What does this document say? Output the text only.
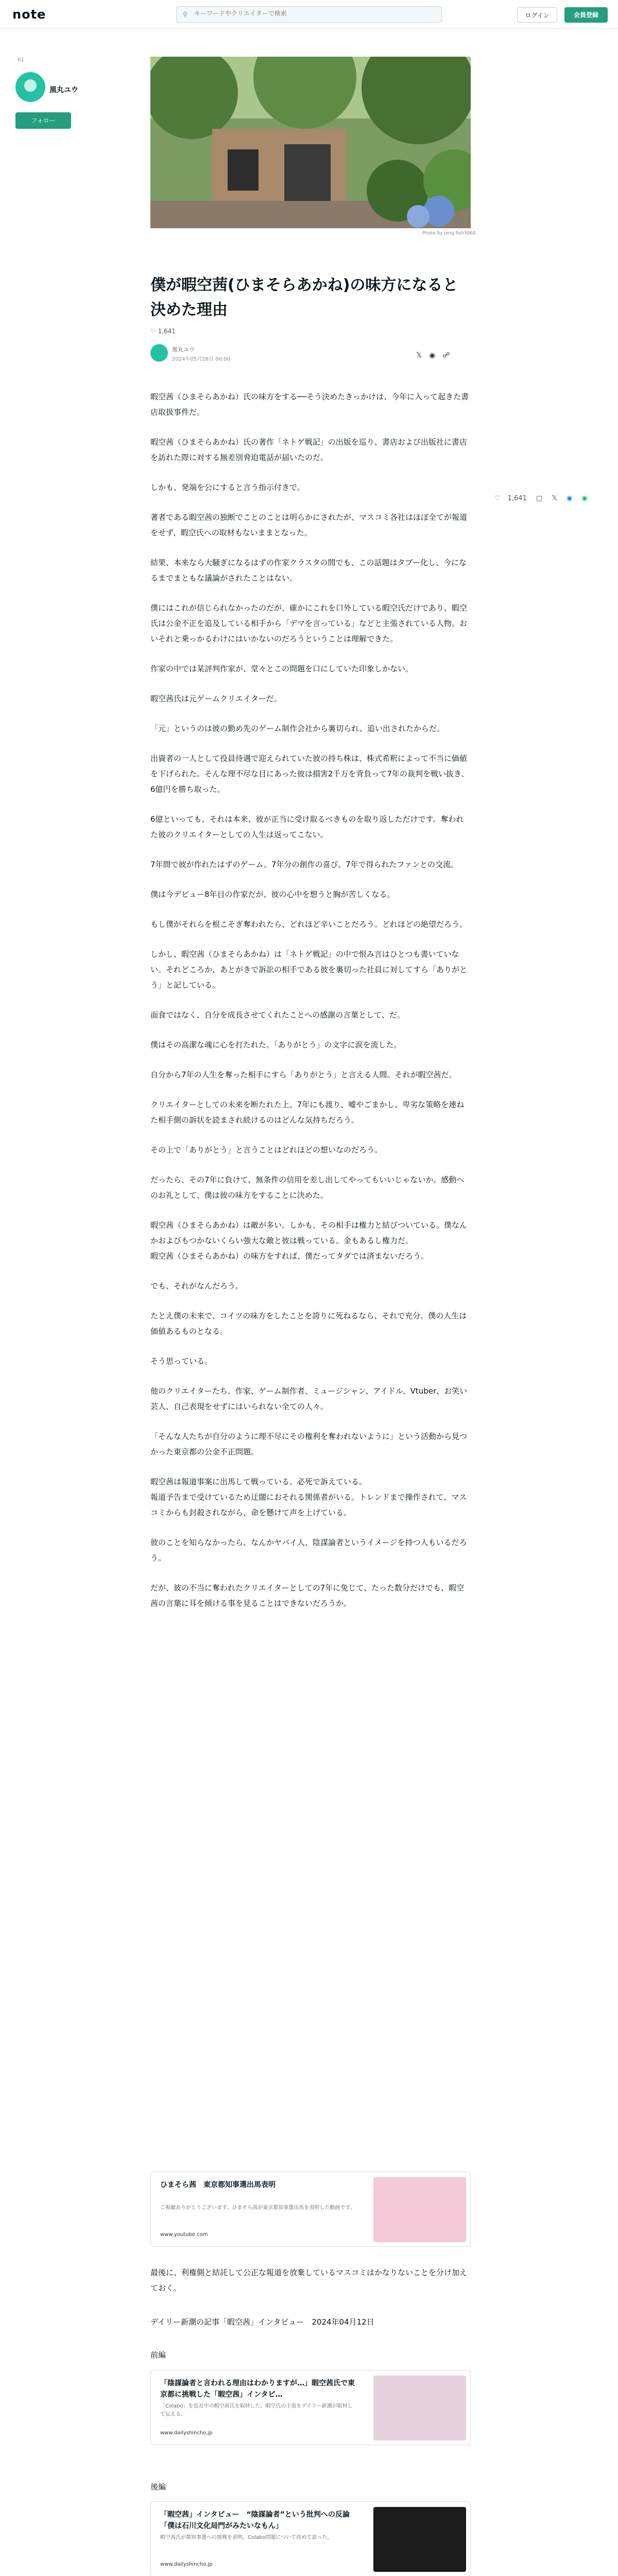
note	⚲
キーワードやクリエイターで検索	ログイン	会員登録
61
黒丸ユウ
フォロー
Photo by jeng fish3968
僕が暇空茜(ひまそらあかね)の味方になると決めた理由
♡ 1,641
黒丸ユウ
2024年05月28日 00:00	𝕏◉☍
♡ 1,641 □ 𝕏 ◉ ◉

暇空茜（ひまそらあかね）氏の味方をする──そう決めたきっかけは、今年に入って起きた書店取扱事件だ。

暇空茜（ひまそらあかね）氏の著作「ネトゲ戦記」の出版を巡り、書店および出版社に書店を訪れた際に対する無差別脅迫電話が届いたのだ。

しかも、発端を公にすると言う指示付きで。

著者である暇空茜の独断でことのことは明らかにされたが、マスコミ各社はほぼ全てが報道をせず、暇空氏への取材もないままとなった。

結果、本来なら大騒ぎになるはずの作家クラスタの間でも、この話題はタブー化し、今になるまでまともな議論がされたことはない。

僕にはこれが信じられなかったのだが、確かにこれを口外している暇空氏だけであり、暇空氏は公金不正を追及している相手から「デマを言っている」などと主張されている人物。おいそれと乗っかるわけにはいかないのだろうということは理解できた。

作家の中では某評判作家が、堂々とこの問題を口にしていた印象しかない。

暇空茜氏は元ゲームクリエイターだ。

「元」というのは彼の勤め先のゲーム制作会社から裏切られ、追い出されたからだ。

出資者の一人として役員待遇で迎えられていた彼の持ち株は、株式希釈によって不当に価値を下げられた。そんな理不尽な目にあった彼は損害2千万を背負って7年の裁判を戦い抜き、6億円を勝ち取った。

6億といっても、それは本来、彼が正当に受け取るべきものを取り返しただけです。奪われた彼のクリエイターとしての人生は返ってこない。

7年間で彼が作れたはずのゲーム。7年分の創作の喜び。7年で得られたファンとの交流。

僕は今デビュー8年目の作家だが、彼の心中を想うと胸が苦しくなる。

もし僕がそれらを根こそぎ奪われたら、どれほど辛いことだろう。どれほどの絶望だろう。

しかし、暇空茜（ひまそらあかね）は「ネトゲ戦記」の中で恨み言はひとつも書いていない。それどころか、あとがきで訴訟の相手である彼を裏切った社員に対してすら「ありがとう」と記している。

面食ではなく、自分を成長させてくれたことへの感謝の言葉として、だ。

僕はその高潔な魂に心を打たれた。「ありがとう」の文字に涙を流した。

自分から7年の人生を奪った相手にすら「ありがとう」と言える人間。それが暇空茜だ。

クリエイターとしての未来を断たれた上、7年にも渡り、嘘やごまかし、卑劣な策略を連ねた相手側の訴状を読まされ続けるのはどんな気持ちだろう。

その上で「ありがとう」と言うことはどれほどの想いなのだろう。

だったら、その7年に負けて、無条件の信用を差し出してやってもいいじゃないか。感動へのお礼として、僕は彼の味方をすることに決めた。

暇空茜（ひまそらあかね）は敵が多い。しかも、その相手は権力と結びついている。僕なんかおよびもつかないくらい強大な敵と彼は戦っている。金もあるし権力だ。
暇空茜（ひまそらあかね）の味方をすれば、僕だってタダでは済まないだろう。

でも、それがなんだろう。

たとえ僕の未来で、コイツの味方をしたことを誇りに死ねるなら、それで充分。僕の人生は価値あるものとなる。

そう思っている。

他のクリエイターたち。作家、ゲーム制作者、ミュージシャン、アイドル、Vtuber、お笑い芸人、自己表現をせずにはいられない全ての人々。

「そんな人たちが自分のように理不尽にその権利を奪われないように」という活動から見つかった東京都の公金不正問題。

暇空茜は報道事案に出馬して戦っている。必死で訴えている。
報道予告まで受けているため迂闊におそれる関係者がいる。トレンドまで操作されて、マスコミからも封殺されながら、命を懸けて声を上げている。

彼のことを知らなかったら、なんかヤバイ人、陰謀論者というイメージを持つ人もいるだろう。

だが、彼の不当に奪われたクリエイターとしての7年に免じて、たった数分だけでも、暇空茜の言葉に耳を傾ける事を見ることはできないだろうか。

ひまそら茜　東京都知事選出馬表明
ご視聴ありがとうございます。ひまそら茜が東京都知事選出馬を表明した動画です。
www.youtube.com

最後に、利権側と結託して公正な報道を放棄しているマスコミはかなりないことを分け加えておく。

デイリー新潮の記事「暇空茜」インタビュー　2024年04月12日

前編
「陰謀論者と言われる理由はわかりますが…」暇空茜氏で東京都に挑戦した「暇空茜」インタビ…
「Colabo」を追及中の暇空茜氏を取材した。暇空氏の主張をデイリー新潮が取材して伝える。
www.dailyshincho.jp
後編
「暇空茜」インタビュー　“陰謀論者”という批判への反論「僕は石川文化局門がみたいなもん」
暇空茜氏が都知事選への挑戦を表明。Colabo問題について改めて語った。
www.dailyshincho.jp
